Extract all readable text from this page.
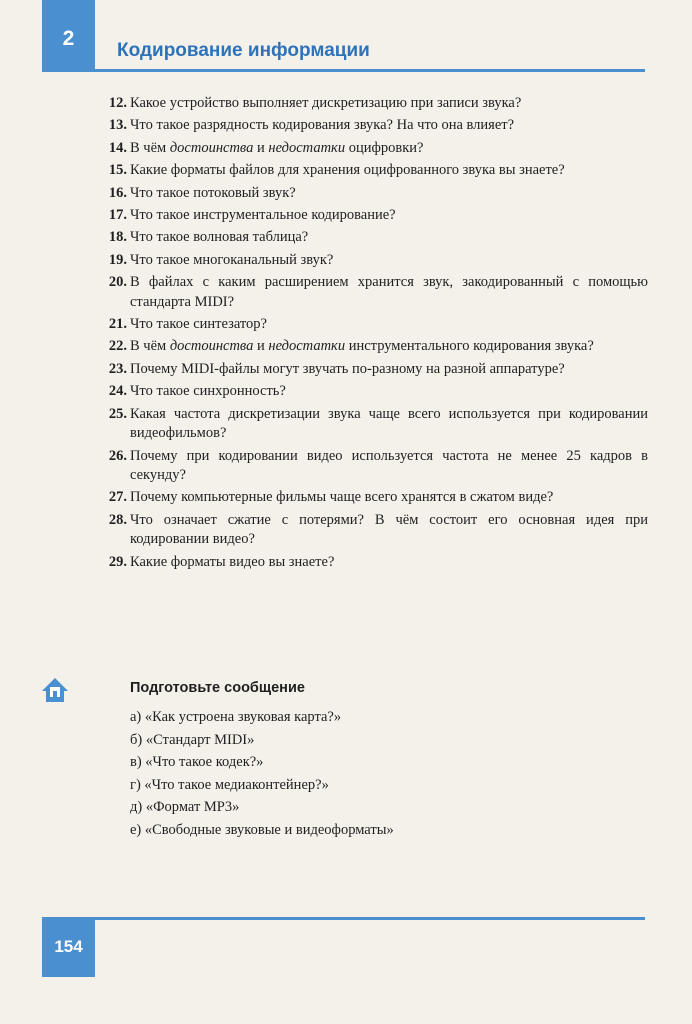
2
Кодирование информации
12. Какое устройство выполняет дискретизацию при записи звука?
13. Что такое разрядность кодирования звука? На что она влияет?
14. В чём достоинства и недостатки оцифровки?
15. Какие форматы файлов для хранения оцифрованного звука вы знаете?
16. Что такое потоковый звук?
17. Что такое инструментальное кодирование?
18. Что такое волновая таблица?
19. Что такое многоканальный звук?
20. В файлах с каким расширением хранится звук, закодированный с помощью стандарта MIDI?
21. Что такое синтезатор?
22. В чём достоинства и недостатки инструментального кодирования звука?
23. Почему MIDI-файлы могут звучать по-разному на разной аппаратуре?
24. Что такое синхронность?
25. Какая частота дискретизации звука чаще всего используется при кодировании видеофильмов?
26. Почему при кодировании видео используется частота не менее 25 кадров в секунду?
27. Почему компьютерные фильмы чаще всего хранятся в сжатом виде?
28. Что означает сжатие с потерями? В чём состоит его основная идея при кодировании видео?
29. Какие форматы видео вы знаете?
Подготовьте сообщение
а) «Как устроена звуковая карта?»
б) «Стандарт MIDI»
в) «Что такое кодек?»
г) «Что такое медиаконтейнер?»
д) «Формат MP3»
е) «Свободные звуковые и видеоформаты»
154
